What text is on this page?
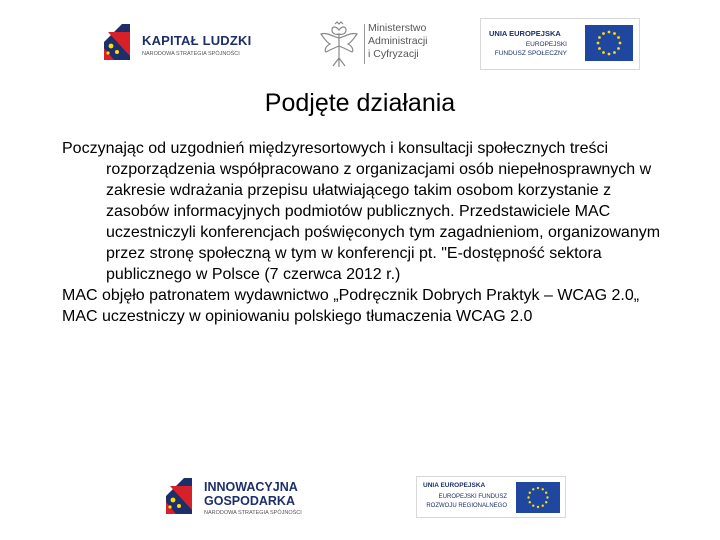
KAPITAŁ LUDZKI
NARODOWA STRATEGIA SPÓJNOŚCI
Ministerstwo
Administracji
i Cyfryzacji
UNIA EUROPEJSKA
EUROPEJSKI
FUNDUSZ SPOŁECZNY
Podjęte działania

Poczynając od uzgodnień międzyresortowych i konsultacji społecznych treści rozporządzenia współpracowano z organizacjami osób niepełnosprawnych w zakresie wdrażania przepisu ułatwiającego takim osobom korzystanie z zasobów informacyjnych podmiotów publicznych. Przedstawiciele MAC uczestniczyli konferencjach poświęconych tym zagadnieniom, organizowanym przez stronę społeczną w tym w konferencji pt. "E-dostępność sektora publicznego w Polsce (7 czerwca 2012 r.)

MAC objęło patronatem wydawnictwo „Podręcznik Dobrych Praktyk – WCAG 2.0„

MAC uczestniczy w opiniowaniu polskiego tłumaczenia WCAG 2.0

INNOWACYJNA
GOSPODARKA
NARODOWA STRATEGIA SPÓJNOŚCI
UNIA EUROPEJSKA
EUROPEJSKI FUNDUSZ
ROZWOJU REGIONALNEGO
